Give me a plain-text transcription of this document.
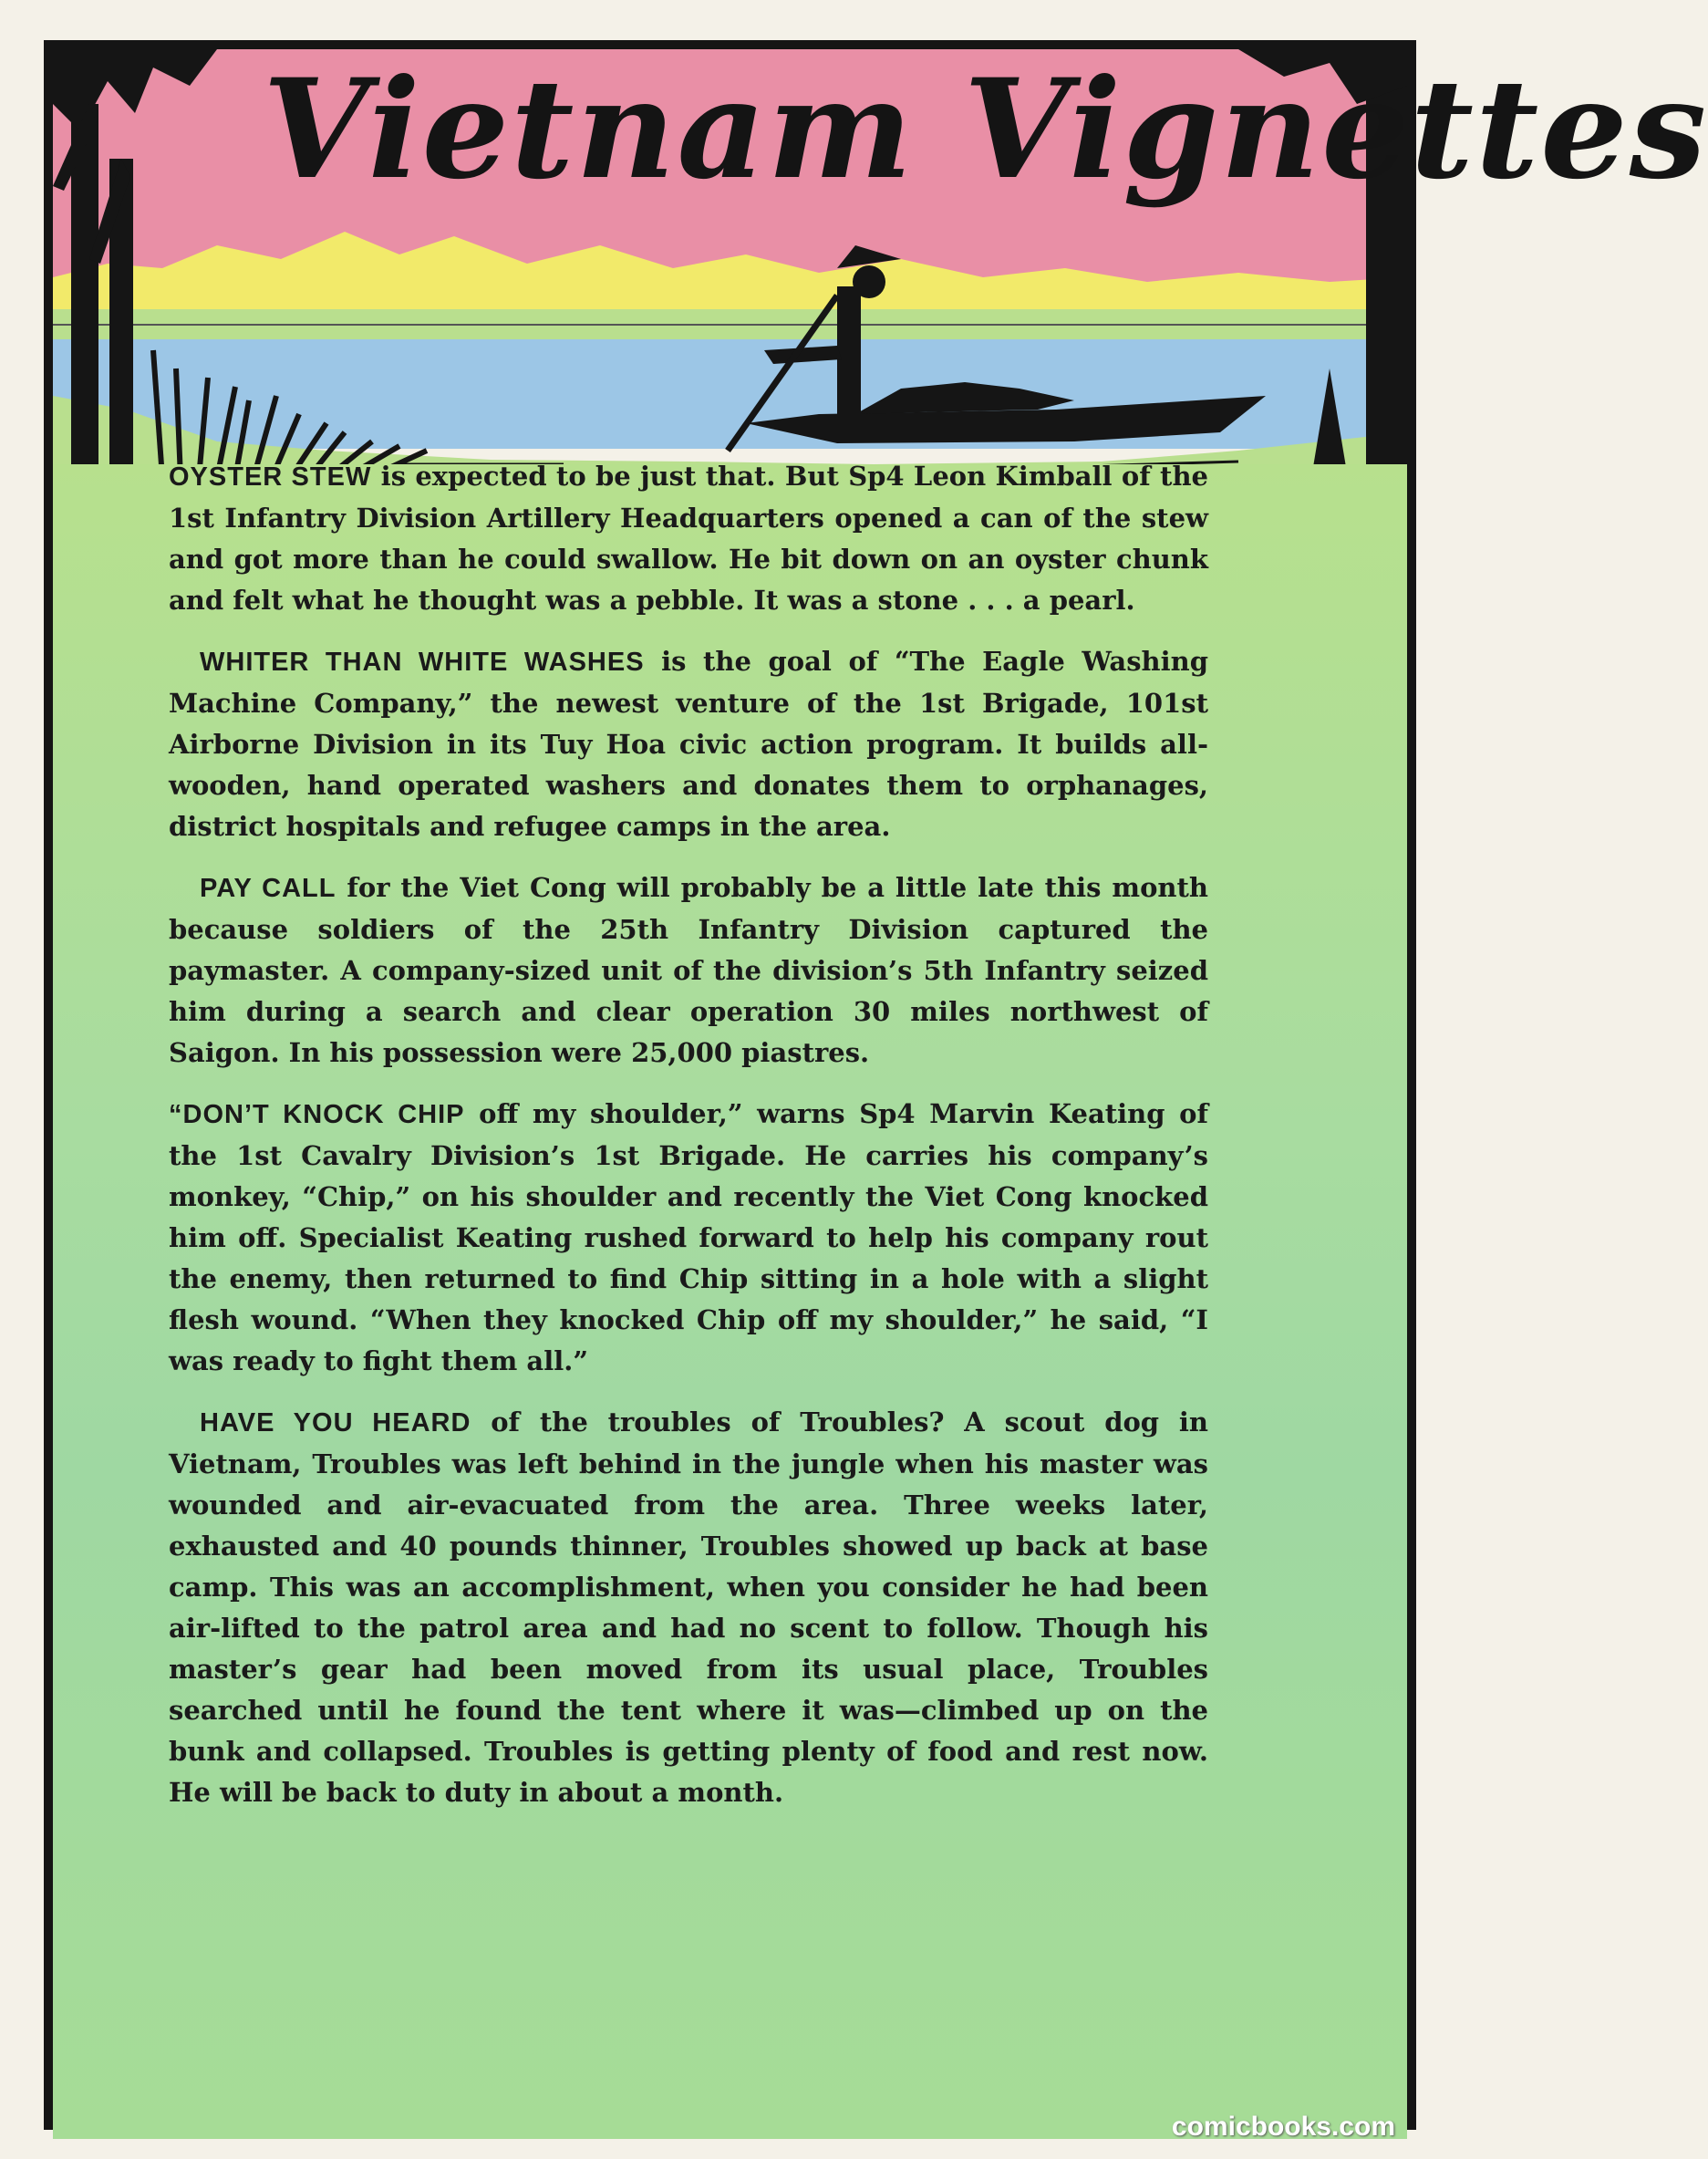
Vietnam Vignettes

OYSTER STEW is expected to be just that. But Sp4 Leon Kimball of the 1st Infantry Division Artillery Headquarters opened a can of the stew and got more than he could swallow. He bit down on an oyster chunk and felt what he thought was a pebble. It was a stone . . . a pearl.

WHITER THAN WHITE WASHES is the goal of “The Eagle Washing Machine Company,” the newest venture of the 1st Brigade, 101st Airborne Division in its Tuy Hoa civic action program. It builds all-wooden, hand operated washers and donates them to orphanages, district hospitals and refugee camps in the area.

PAY CALL for the Viet Cong will probably be a little late this month because soldiers of the 25th Infantry Division captured the paymaster. A company-sized unit of the division’s 5th Infantry seized him during a search and clear operation 30 miles northwest of Saigon. In his possession were 25,000 piastres.

“DON’T KNOCK CHIP off my shoulder,” warns Sp4 Marvin Keating of the 1st Cavalry Division’s 1st Brigade. He carries his company’s monkey, “Chip,” on his shoulder and recently the Viet Cong knocked him off. Specialist Keating rushed forward to help his company rout the enemy, then returned to find Chip sitting in a hole with a slight flesh wound. “When they knocked Chip off my shoulder,” he said, “I was ready to fight them all.”

HAVE YOU HEARD of the troubles of Troubles? A scout dog in Vietnam, Troubles was left behind in the jungle when his master was wounded and air-evacuated from the area. Three weeks later, exhausted and 40 pounds thinner, Troubles showed up back at base camp. This was an accomplishment, when you consider he had been air-lifted to the patrol area and had no scent to follow. Though his master’s gear had been moved from its usual place, Troubles searched until he found the tent where it was—climbed up on the bunk and collapsed. Troubles is getting plenty of food and rest now. He will be back to duty in about a month.

comicbooks.com
